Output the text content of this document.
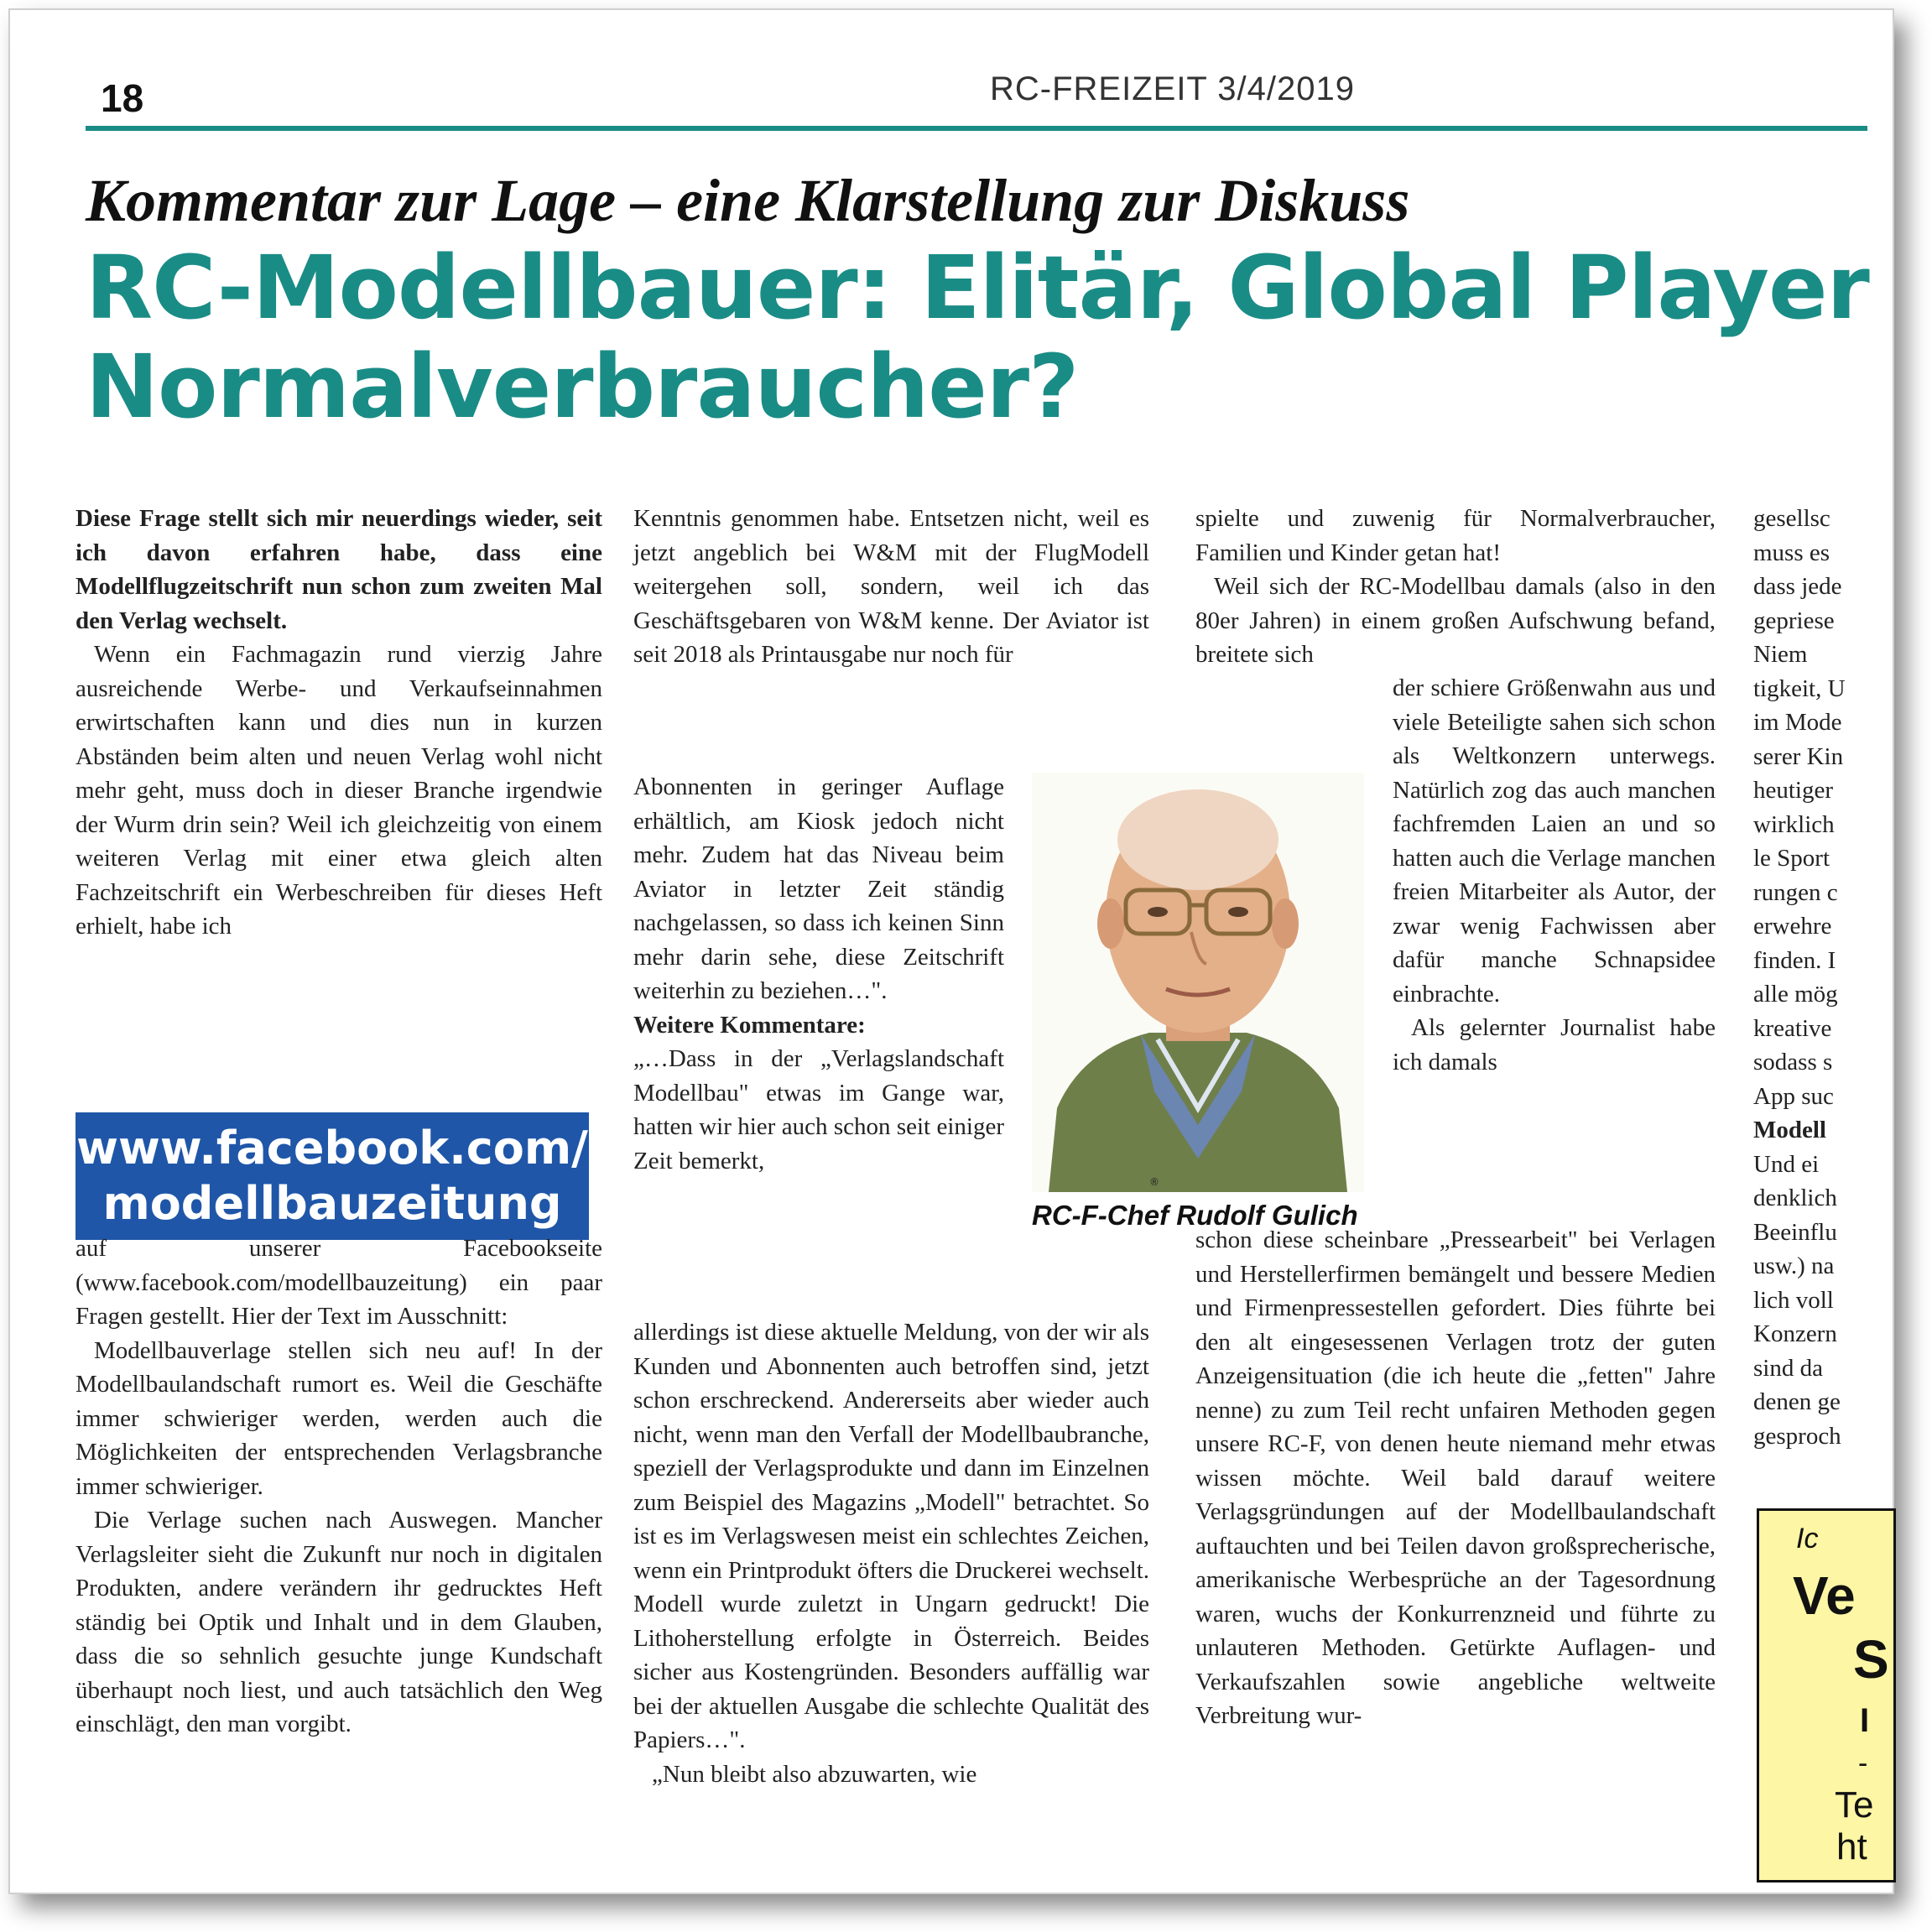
18	RC-FREIZEIT 3/4/2019
Kommentar zur Lage – eine Klarstellung zur Diskuss
RC-Modellbauer: Elitär, Global Player
Normalverbraucher?

Diese Frage stellt sich mir neuerdings wieder, seit ich davon erfahren habe, dass eine Modellflugzeitschrift nun schon zum zweiten Mal den Verlag wechselt.

Wenn ein Fachmagazin rund vierzig Jahre ausreichende Werbe- und Verkaufseinnahmen erwirtschaften kann und dies nun in kurzen Abständen beim alten und neuen Verlag wohl nicht mehr geht, muss doch in dieser Branche irgendwie der Wurm drin sein? Weil ich gleichzeitig von einem weiteren Verlag mit einer etwa gleich alten Fachzeitschrift ein Werbeschreiben für dieses Heft erhielt, habe ich

www.facebook.com/
modellbauzeitung

auf unserer Facebookseite (www.facebook.com/modellbauzeitung) ein paar Fragen gestellt. Hier der Text im Ausschnitt:

Modellbauverlage stellen sich neu auf! In der Modellbaulandschaft rumort es. Weil die Geschäfte immer schwieriger werden, werden auch die Möglichkeiten der entsprechenden Verlagsbranche immer schwieriger.

Die Verlage suchen nach Auswegen. Mancher Verlagsleiter sieht die Zukunft nur noch in digitalen Produkten, andere verändern ihr gedrucktes Heft ständig bei Optik und Inhalt und in dem Glauben, dass die so sehnlich gesuchte junge Kundschaft überhaupt noch liest, und auch tatsächlich den Weg einschlägt, den man vorgibt.

Kenntnis genommen habe. Entsetzen nicht, weil es jetzt angeblich bei W&M mit der FlugModell weitergehen soll, sondern, weil ich das Geschäftsgebaren von W&M kenne. Der Aviator ist seit 2018 als Printausgabe nur noch für

Abonnenten in geringer Auflage erhältlich, am Kiosk jedoch nicht mehr. Zudem hat das Niveau beim Aviator in letzter Zeit ständig nachgelassen, so dass ich keinen Sinn mehr darin sehe, diese Zeitschrift weiterhin zu beziehen…".

Weitere Kommentare:

„…Dass in der „Verlagslandschaft Modellbau" etwas im Gange war, hatten wir hier auch schon seit einiger Zeit bemerkt,

allerdings ist diese aktuelle Meldung, von der wir als Kunden und Abonnenten auch betroffen sind, jetzt schon erschreckend. Andererseits aber wieder auch nicht, wenn man den Verfall der Modellbaubranche, speziell der Verlagsprodukte und dann im Einzelnen zum Beispiel des Magazins „Modell" betrachtet. So ist es im Verlagswesen meist ein schlechtes Zeichen, wenn ein Printprodukt öfters die Druckerei wechselt. Modell wurde zuletzt in Ungarn gedruckt! Die Lithoherstellung erfolgte in Österreich. Beides sicher aus Kostengründen. Besonders auffällig war bei der aktuellen Ausgabe die schlechte Qualität des Papiers…".

„Nun bleibt also abzuwarten, wie

®
RC-F-Chef Rudolf Gulich

spielte und zuwenig für Normalverbraucher, Familien und Kinder getan hat!

Weil sich der RC-Modellbau damals (also in den 80er Jahren) in einem großen Aufschwung befand, breitete sich

der schiere Größenwahn aus und viele Beteiligte sahen sich schon als Weltkonzern unterwegs. Natürlich zog das auch manchen fachfremden Laien an und so hatten auch die Verlage manchen freien Mitarbeiter als Autor, der zwar wenig Fachwissen aber dafür manche Schnapsidee einbrachte.

Als gelernter Journalist habe ich damals

schon diese scheinbare „Pressearbeit" bei Verlagen und Herstellerfirmen bemängelt und bessere Medien und Firmenpressestellen gefordert. Dies führte bei den alt eingesessenen Verlagen trotz der guten Anzeigensituation (die ich heute die „fetten" Jahre nenne) zu zum Teil recht unfairen Methoden gegen unsere RC-F, von denen heute niemand mehr etwas wissen möchte. Weil bald darauf weitere Verlagsgründungen auf der Modellbaulandschaft auftauchten und bei Teilen davon großsprecherische, amerikanische Werbesprüche an der Tagesordnung waren, wuchs der Konkurrenzneid und führte zu unlauteren Methoden. Getürkte Auflagen- und Verkaufszahlen sowie angebliche weltweite Verbreitung wur-

gesellsc
muss es
dass jede
gepriese
Niem
tigkeit, U
im Mode
serer Kin
heutiger
wirklich
le Sport
rungen c
erwehre
finden. I
alle mög
kreative
sodass s
App suc
Modell
Und ei
denklich
Beeinflu
usw.) na
lich voll
Konzern
sind da
denen ge
gesproch
Ic
Ve
S
I
-
Te
ht
